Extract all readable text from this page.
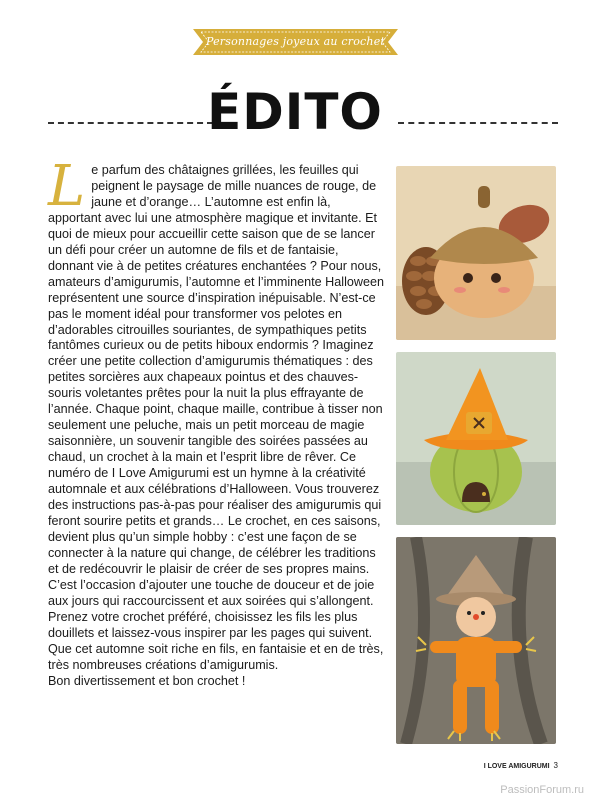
Personnages joyeux au crochet
ÉDITO
Le parfum des châtaignes grillées, les feuilles qui peignent le paysage de mille nuances de rouge, de jaune et d’orange… L’automne est enfin là, apportant avec lui une atmosphère magique et invitante. Et quoi de mieux pour accueillir cette saison que de se lancer un défi pour créer un automne de fils et de fantaisie, donnant vie à de petites créatures enchantées ? Pour nous, amateurs d’amigurumis, l’automne et l’imminente Halloween représentent une source d’inspiration inépuisable. N’est-ce pas le moment idéal pour transformer vos pelotes en d’adorables citrouilles souriantes, de sympathiques petits fantômes curieux ou de petits hiboux endormis ? Imaginez créer une petite collection d’amigurumis thématiques : des petites sorcières aux chapeaux pointus et des chauves-souris voletantes prêtes pour la nuit la plus effrayante de l’année. Chaque point, chaque maille, contribue à tisser non seulement une peluche, mais un petit morceau de magie saisonnière, un souvenir tangible des soirées passées au chaud, un crochet à la main et l’esprit libre de rêver. Ce numéro de I Love Amigurumi est un hymne à la créativité automnale et aux célébrations d’Halloween. Vous trouverez des instructions pas-à-pas pour réaliser des amigurumis qui feront sourire petits et grands… Le crochet, en ces saisons, devient plus qu’un simple hobby : c’est une façon de se connecter à la nature qui change, de célébrer les traditions et de redécouvrir le plaisir de créer de ses propres mains. C’est l’occasion d’ajouter une touche de douceur et de joie aux jours qui raccourcissent et aux soirées qui s’allongent. Prenez votre crochet préféré, choisissez les fils les plus douillets et laissez-vous inspirer par les pages qui suivent. Que cet automne soit riche en fils, en fantaisie et en de très, très nombreuses créations d’amigurumis.
Bon divertissement et bon crochet !
I LOVE AMIGURUMI 3
PassionForum.ru
